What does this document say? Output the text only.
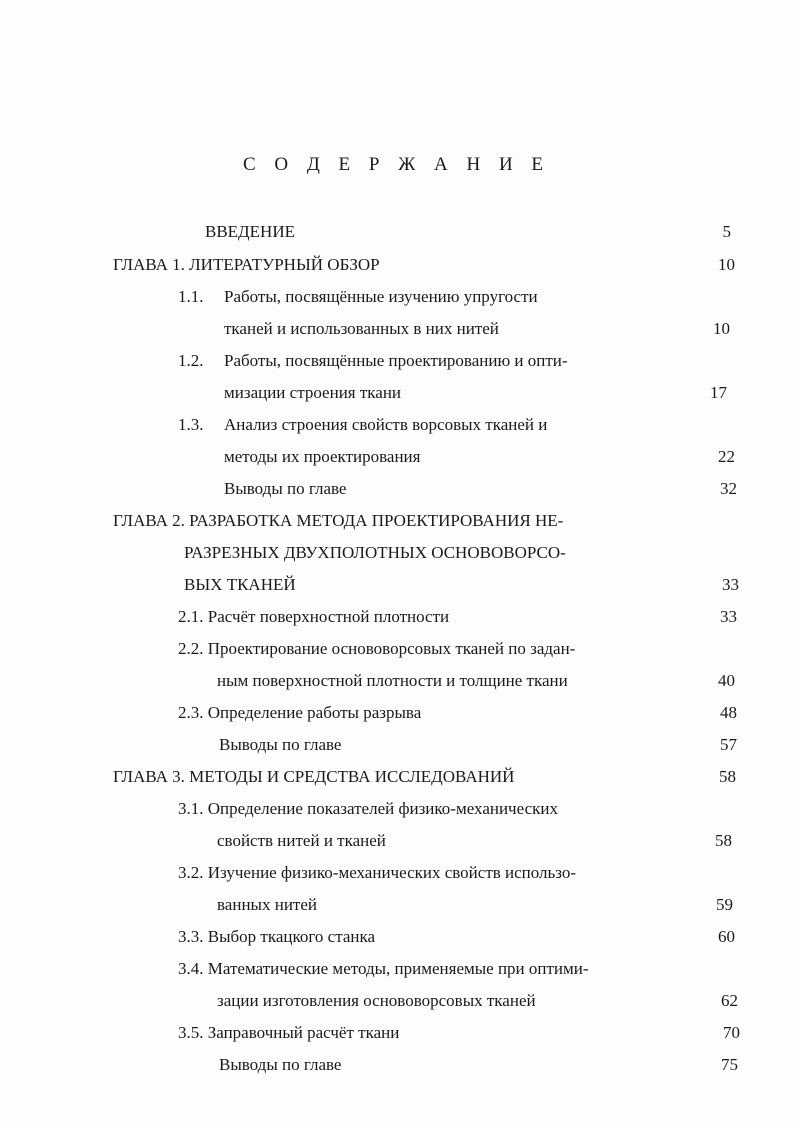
С О Д Е Р Ж А Н И Е
ВВЕДЕНИЕ	5
ГЛАВА 1. ЛИТЕРАТУРНЫЙ ОБЗОР	10
1.1. Работы, посвящённые изучению упругости
тканей и использованных в них нитей	10
1.2. Работы, посвящённые проектированию и опти-
мизации строения ткани	17
1.3. Анализ строения свойств ворсовых тканей и
методы их проектирования	22
Выводы по главе	32
ГЛАВА 2. РАЗРАБОТКА МЕТОДА ПРОЕКТИРОВАНИЯ НЕ-
РАЗРЕЗНЫХ ДВУХПОЛОТНЫХ ОСНОВОВОРСО-
ВЫХ ТКАНЕЙ	33
2.1. Расчёт поверхностной плотности	33
2.2. Проектирование основоворсовых тканей по задан-
ным поверхностной плотности и толщине ткани	40
2.3. Определение работы разрыва	48
Выводы по главе	57
ГЛАВА 3. МЕТОДЫ И СРЕДСТВА ИССЛЕДОВАНИЙ	58
3.1. Определение показателей физико-механических
свойств нитей и тканей	58
3.2. Изучение физико-механических свойств использо-
ванных нитей	59
3.3. Выбор ткацкого станка	60
3.4. Математические методы, применяемые при оптими-
зации изготовления основоворсовых тканей	62
3.5. Заправочный расчёт ткани	70
Выводы по главе	75
